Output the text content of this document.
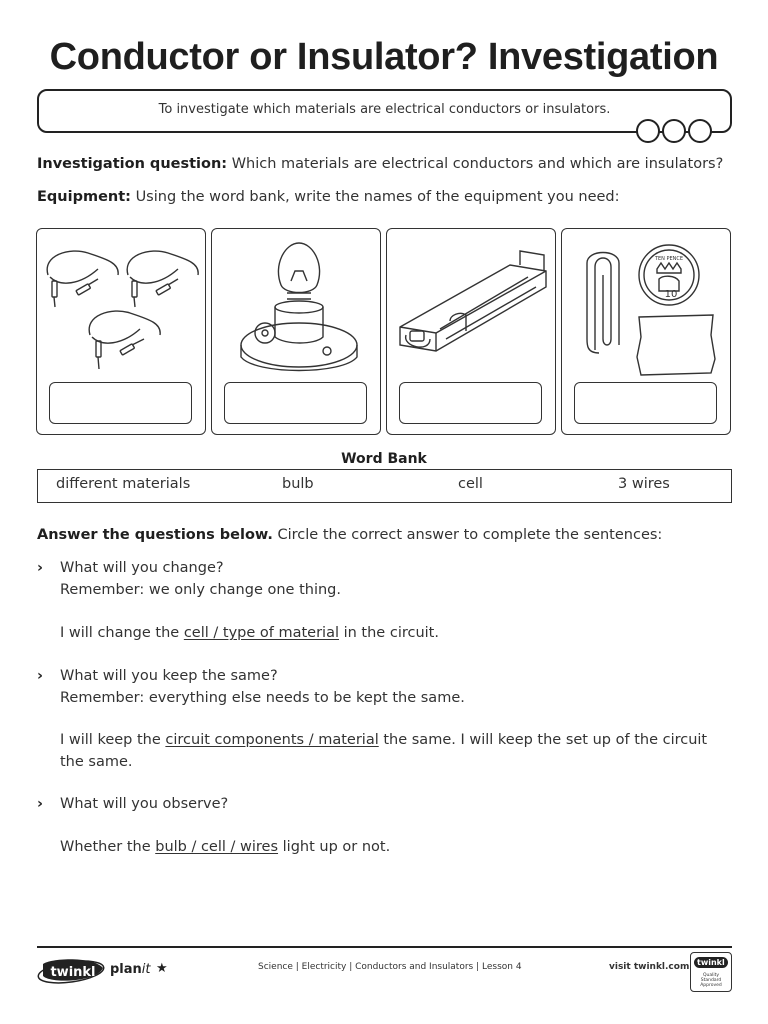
Conductor or Insulator? Investigation
To investigate which materials are electrical conductors or insulators.
Investigation question: Which materials are electrical conductors and which are insulators?
Equipment: Using the word bank, write the names of the equipment you need:
TEN PENCE
10
Word Bank
different materials	bulb	cell	3 wires
Answer the questions below. Circle the correct answer to complete the sentences:
› What will you change?
Remember: we only change one thing.
I will change the cell / type of material in the circuit.
› What will you keep the same?
Remember: everything else needs to be kept the same.
I will keep the circuit components / material the same. I will keep the set up of the circuit the same.
› What will you observe?
Whether the bulb / cell / wires light up or not.
twinkl planit ★	Science | Electricity | Conductors and Insulators | Lesson 4	visit twinkl.com twinkl
Quality Standard Approved
